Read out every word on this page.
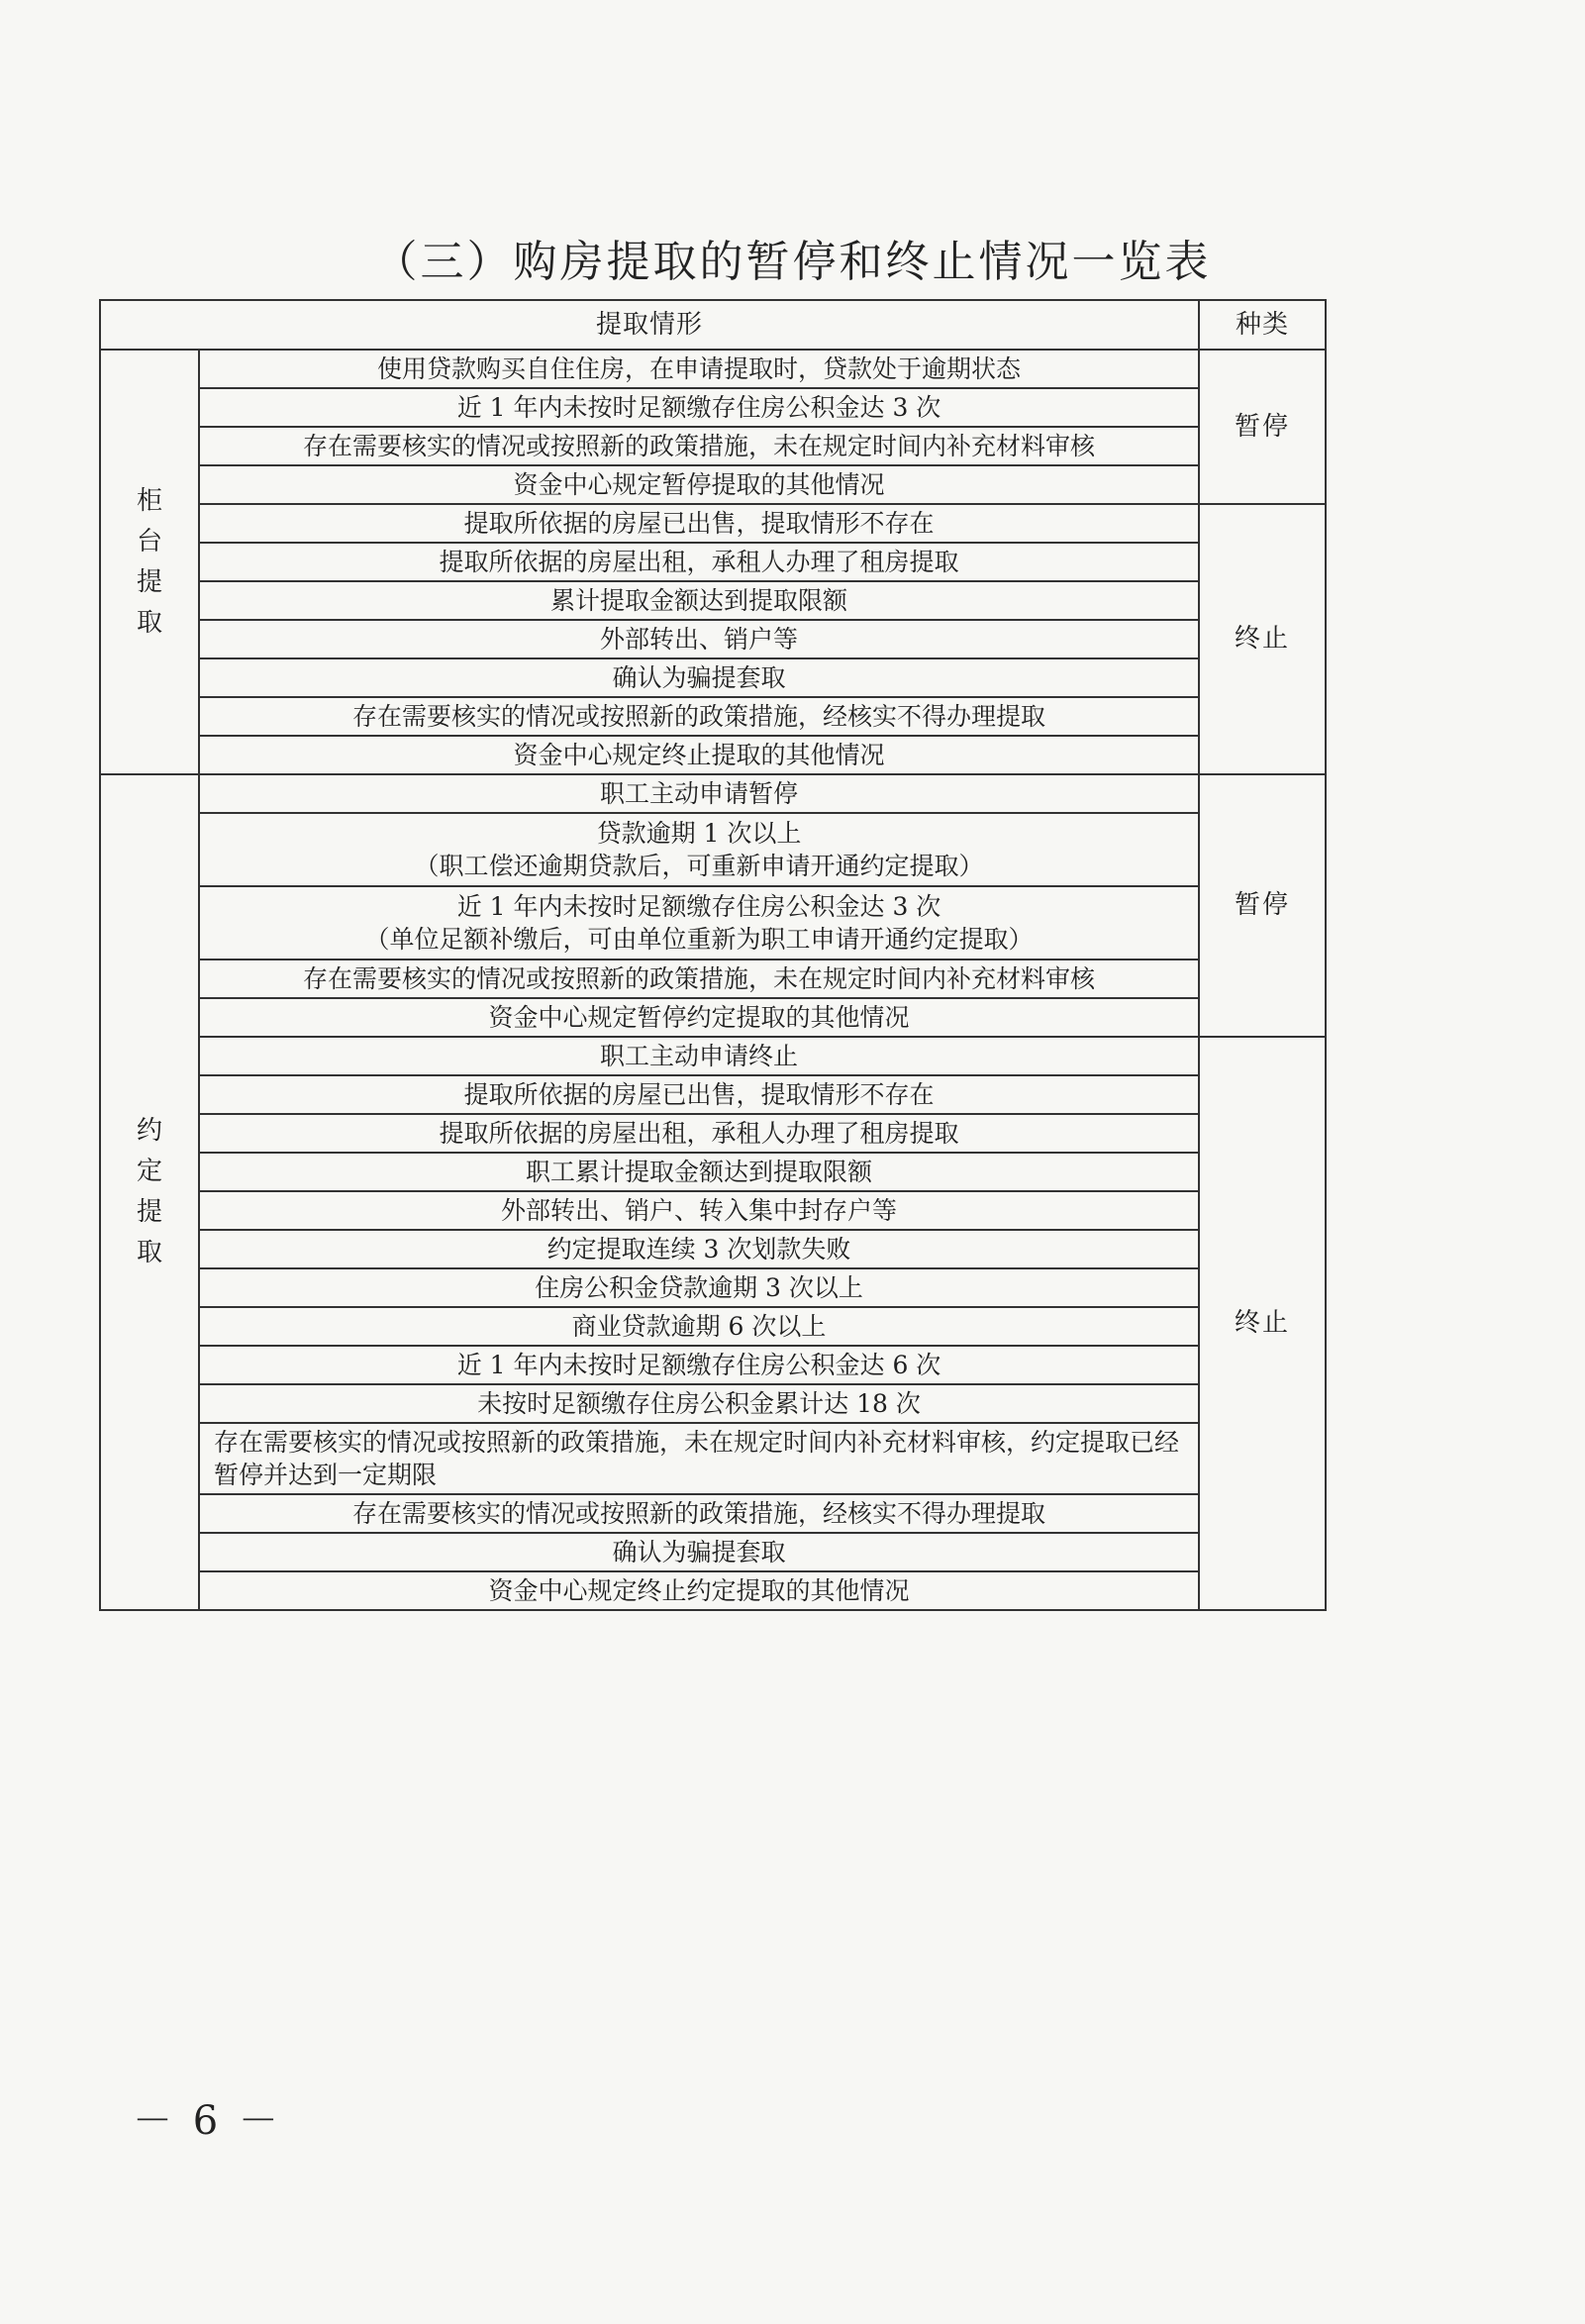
（三）购房提取的暂停和终止情况一览表
提取情形		种类
柜台提取	使用贷款购买自住住房，在申请提取时，贷款处于逾期状态	暂停

	近 1 年内未按时足额缴存住房公积金达 3 次	

	存在需要核实的情况或按照新的政策措施，未在规定时间内补充材料审核	

	资金中心规定暂停提取的其他情况	

	提取所依据的房屋已出售，提取情形不存在	终止

	提取所依据的房屋出租，承租人办理了租房提取	

	累计提取金额达到提取限额	

	外部转出、销户等	

	确认为骗提套取	

	存在需要核实的情况或按照新的政策措施，经核实不得办理提取	

	资金中心规定终止提取的其他情况	

约定提取	职工主动申请暂停	暂停

	贷款逾期 1 次以上
（职工偿还逾期贷款后，可重新申请开通约定提取）	

	近 1 年内未按时足额缴存住房公积金达 3 次
（单位足额补缴后，可由单位重新为职工申请开通约定提取）	

	存在需要核实的情况或按照新的政策措施，未在规定时间内补充材料审核	

	资金中心规定暂停约定提取的其他情况	

	职工主动申请终止	终止

	提取所依据的房屋已出售，提取情形不存在	

	提取所依据的房屋出租，承租人办理了租房提取	

	职工累计提取金额达到提取限额	

	外部转出、销户、转入集中封存户等	

	约定提取连续 3 次划款失败	

	住房公积金贷款逾期 3 次以上	

	商业贷款逾期 6 次以上	

	近 1 年内未按时足额缴存住房公积金达 6 次	

	未按时足额缴存住房公积金累计达 18 次	

	存在需要核实的情况或按照新的政策措施，未在规定时间内补充材料审核，约定提取已经暂停并达到一定期限	

	存在需要核实的情况或按照新的政策措施，经核实不得办理提取	

	确认为骗提套取	

	资金中心规定终止约定提取的其他情况	
－ 6 －
